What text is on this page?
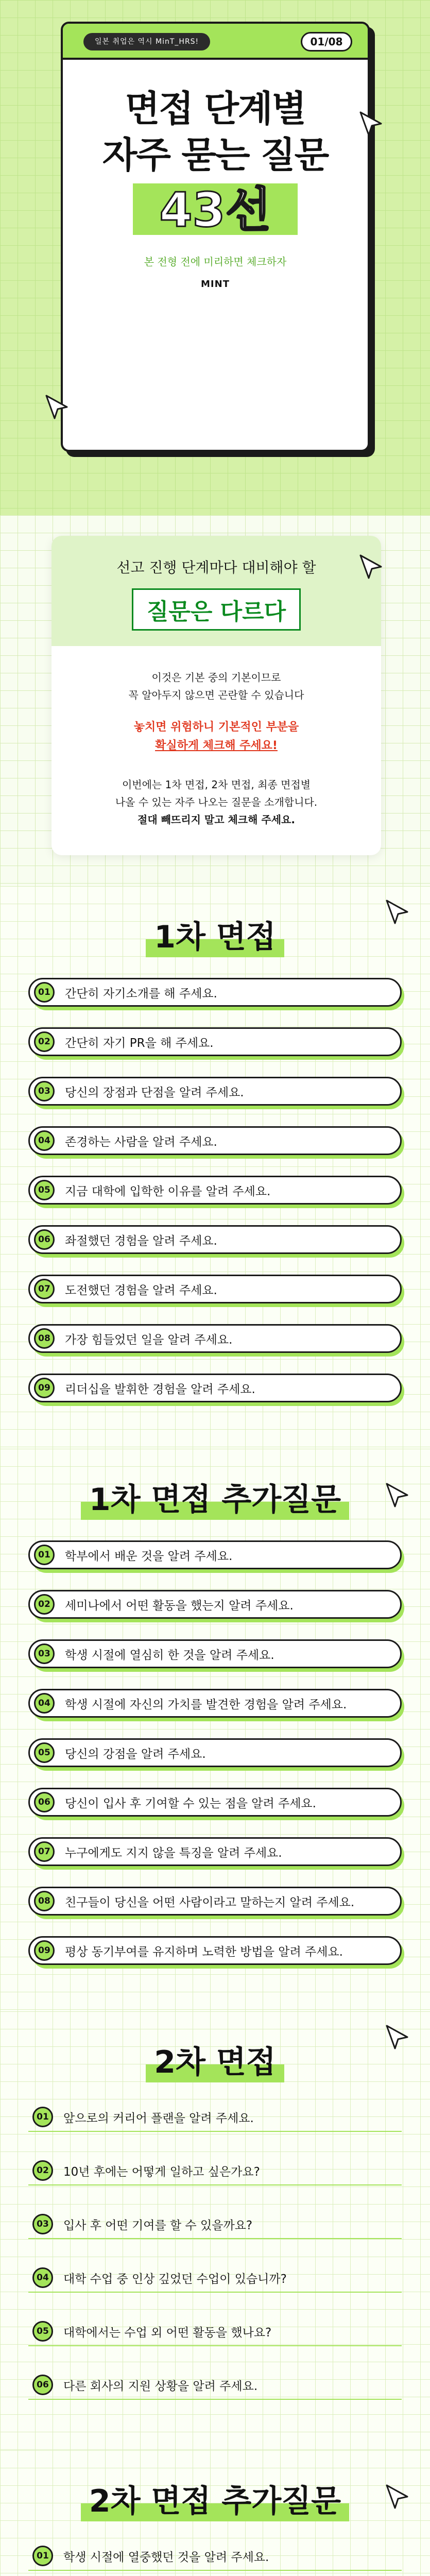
일본 취업은 역시 MinT_HRS!	01/08
면접 단계별
자주 묻는 질문
43선
본 전형 전에 미리하면 체크하자
MINT
선고 진행 단계마다 대비해야 할
질문은 다르다
이것은 기본 중의 기본이므로
꼭 알아두지 않으면 곤란할 수 있습니다
놓치면 위험하니 기본적인 부분을
확실하게 체크해 주세요!
이번에는 1차 면접, 2차 면접, 최종 면접별
나올 수 있는 자주 나오는 질문을 소개합니다.
절대 빼뜨리지 말고 체크해 주세요.
1차 면접
01	간단히 자기소개를 해 주세요.
02	간단히 자기 PR을 해 주세요.
03	당신의 장점과 단점을 알려 주세요.
04	존경하는 사람을 알려 주세요.
05	지금 대학에 입학한 이유를 알려 주세요.
06	좌절했던 경험을 알려 주세요.
07	도전했던 경험을 알려 주세요.
08	가장 힘들었던 일을 알려 주세요.
09	리더십을 발휘한 경험을 알려 주세요.
1차 면접 추가질문
01	학부에서 배운 것을 알려 주세요.
02	세미나에서 어떤 활동을 했는지 알려 주세요.
03	학생 시절에 열심히 한 것을 알려 주세요.
04	학생 시절에 자신의 가치를 발견한 경험을 알려 주세요.
05	당신의 강점을 알려 주세요.
06	당신이 입사 후 기여할 수 있는 점을 알려 주세요.
07	누구에게도 지지 않을 특징을 알려 주세요.
08	친구들이 당신을 어떤 사람이라고 말하는지 알려 주세요.
09	평상 동기부여를 유지하며 노력한 방법을 알려 주세요.
2차 면접
01	앞으로의 커리어 플랜을 알려 주세요.
02	10년 후에는 어떻게 일하고 싶은가요?
03	입사 후 어떤 기여를 할 수 있을까요?
04	대학 수업 중 인상 깊었던 수업이 있습니까?
05	대학에서는 수업 외 어떤 활동을 했나요?
06	다른 회사의 지원 상황을 알려 주세요.
2차 면접 추가질문
01	학생 시절에 열중했던 것을 알려 주세요.
